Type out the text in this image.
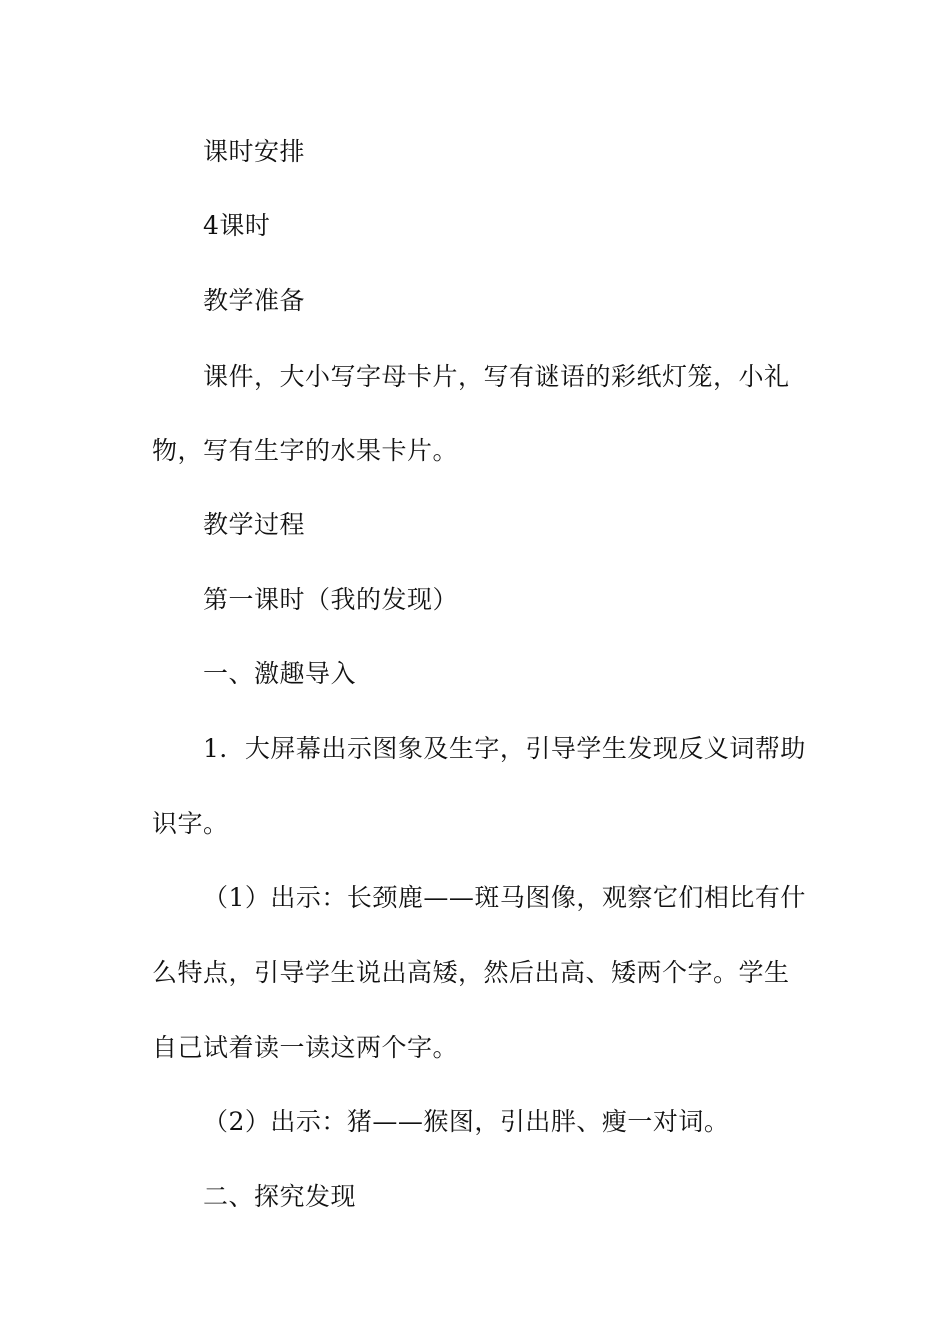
课时安排

4课时

教学准备

课件，大小写字母卡片，写有谜语的彩纸灯笼，小礼

物，写有生字的水果卡片。

教学过程

第一课时（我的发现）

一、激趣导入

1．大屏幕出示图象及生字，引导学生发现反义词帮助

识字。

（1）出示：长颈鹿——斑马图像，观察它们相比有什

么特点，引导学生说出高矮，然后出高、矮两个字。学生

自己试着读一读这两个字。

（2）出示：猪——猴图，引出胖、瘦一对词。

二、探究发现
